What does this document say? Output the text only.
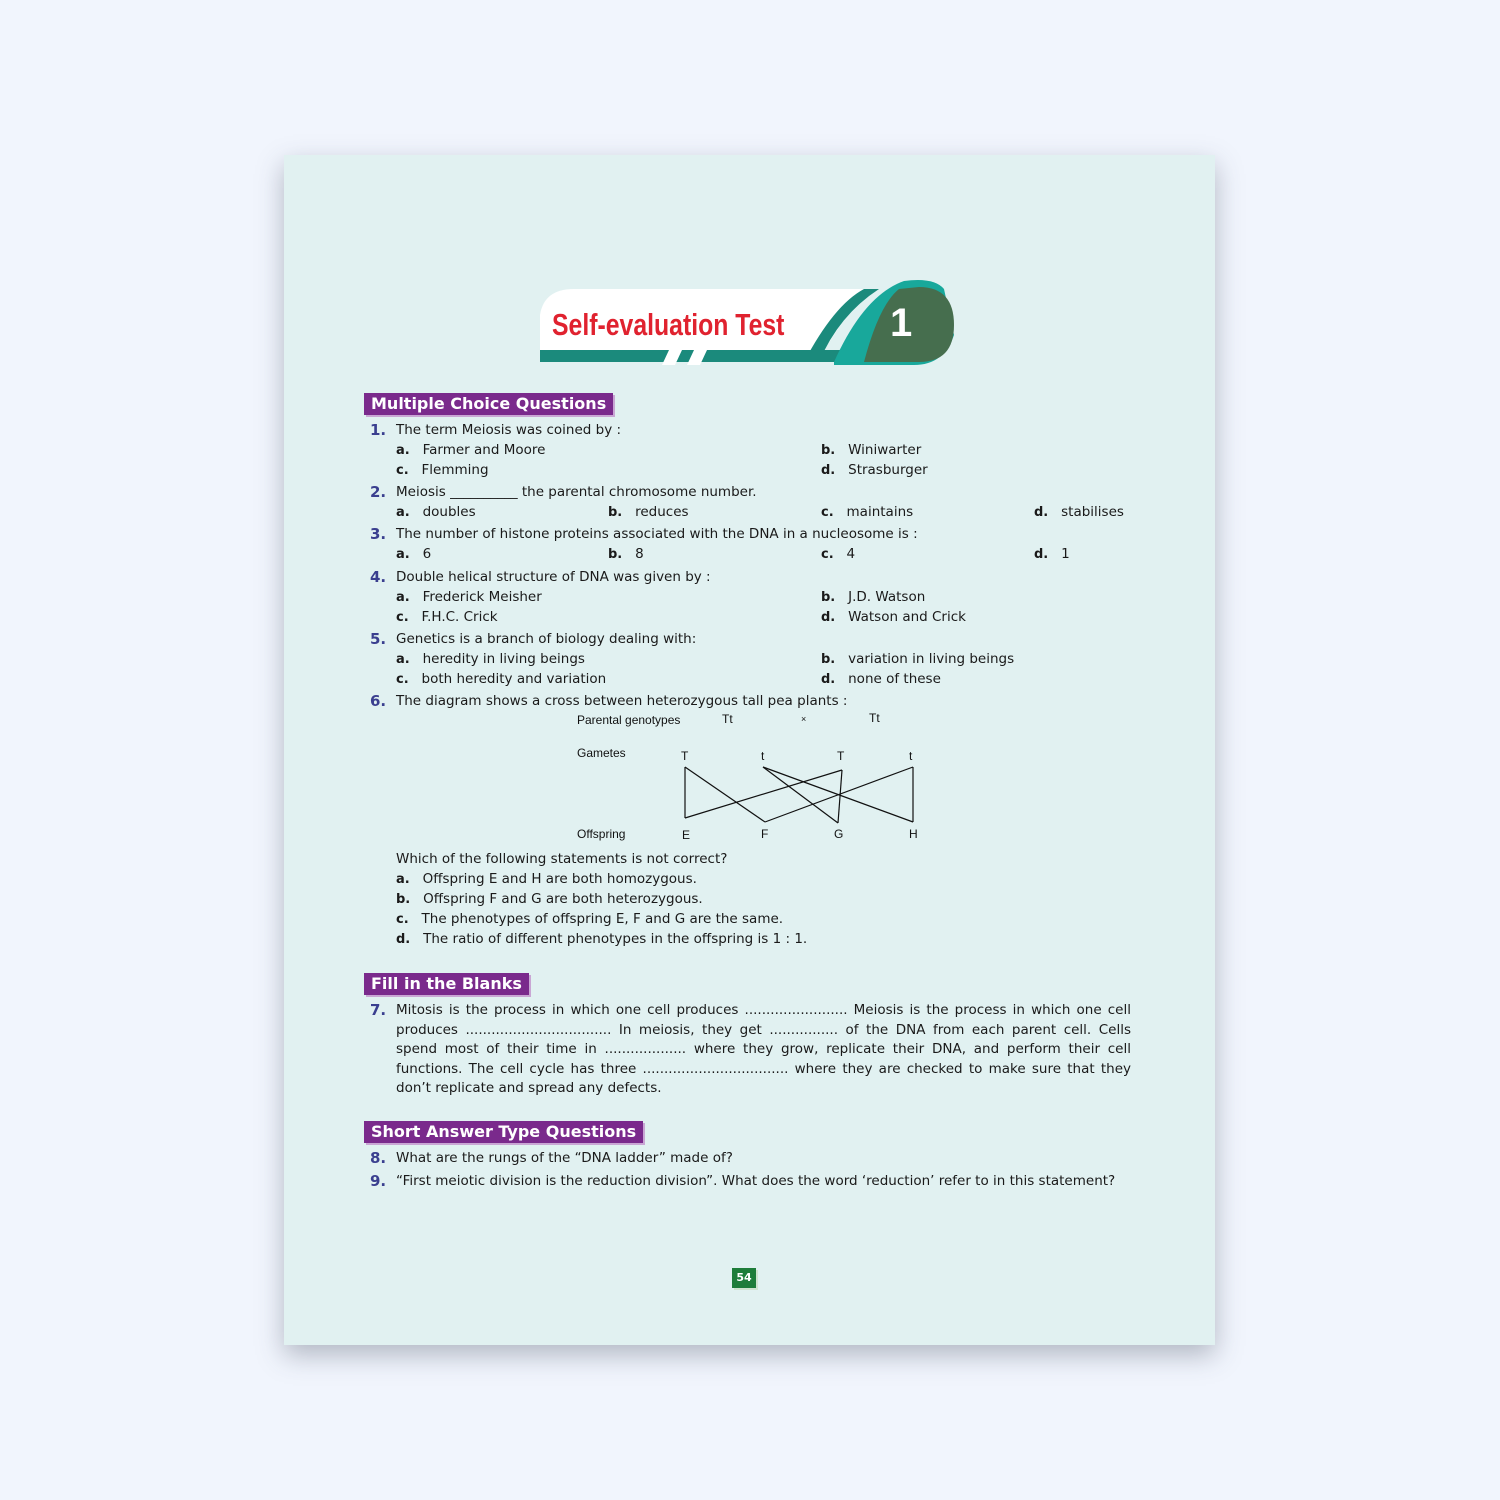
Self-evaluation Test	1
Multiple Choice Questions
1. The term Meiosis was coined by :
a. Farmer and Moore	b. Winiwarter
c. Flemming	d. Strasburger
2. Meiosis __________ the parental chromosome number.
a. doubles	b. reduces	c. maintains	d. stabilises
3. The number of histone proteins associated with the DNA in a nucleosome is :
a. 6	b. 8	c. 4	d. 1
4. Double helical structure of DNA was given by :
a. Frederick Meisher	b. J.D. Watson
c. F.H.C. Crick	d. Watson and Crick
5. Genetics is a branch of biology dealing with:
a. heredity in living beings	b. variation in living beings
c. both heredity and variation	d. none of these
6. The diagram shows a cross between heterozygous tall pea plants :
Parental genotypes	Tt	×	Tt
Gametes	T	t	T	t
Offspring	E	F	G	H
Which of the following statements is not correct?
a. Offspring E and H are both homozygous.
b. Offspring F and G are both heterozygous.
c. The phenotypes of offspring E, F and G are the same.
d. The ratio of different phenotypes in the offspring is 1 : 1.
Fill in the Blanks
7. Mitosis is the process in which one cell produces ........................ Meiosis is the process in which one cell produces .................................. In meiosis, they get ................ of the DNA from each parent cell. Cells spend most of their time in ................... where they grow, replicate their DNA, and perform their cell functions. The cell cycle has three .................................. where they are checked to make sure that they don’t replicate and spread any defects.
Short Answer Type Questions
8. What are the rungs of the “DNA ladder” made of?
9. “First meiotic division is the reduction division”. What does the word ‘reduction’ refer to in this statement?
54
